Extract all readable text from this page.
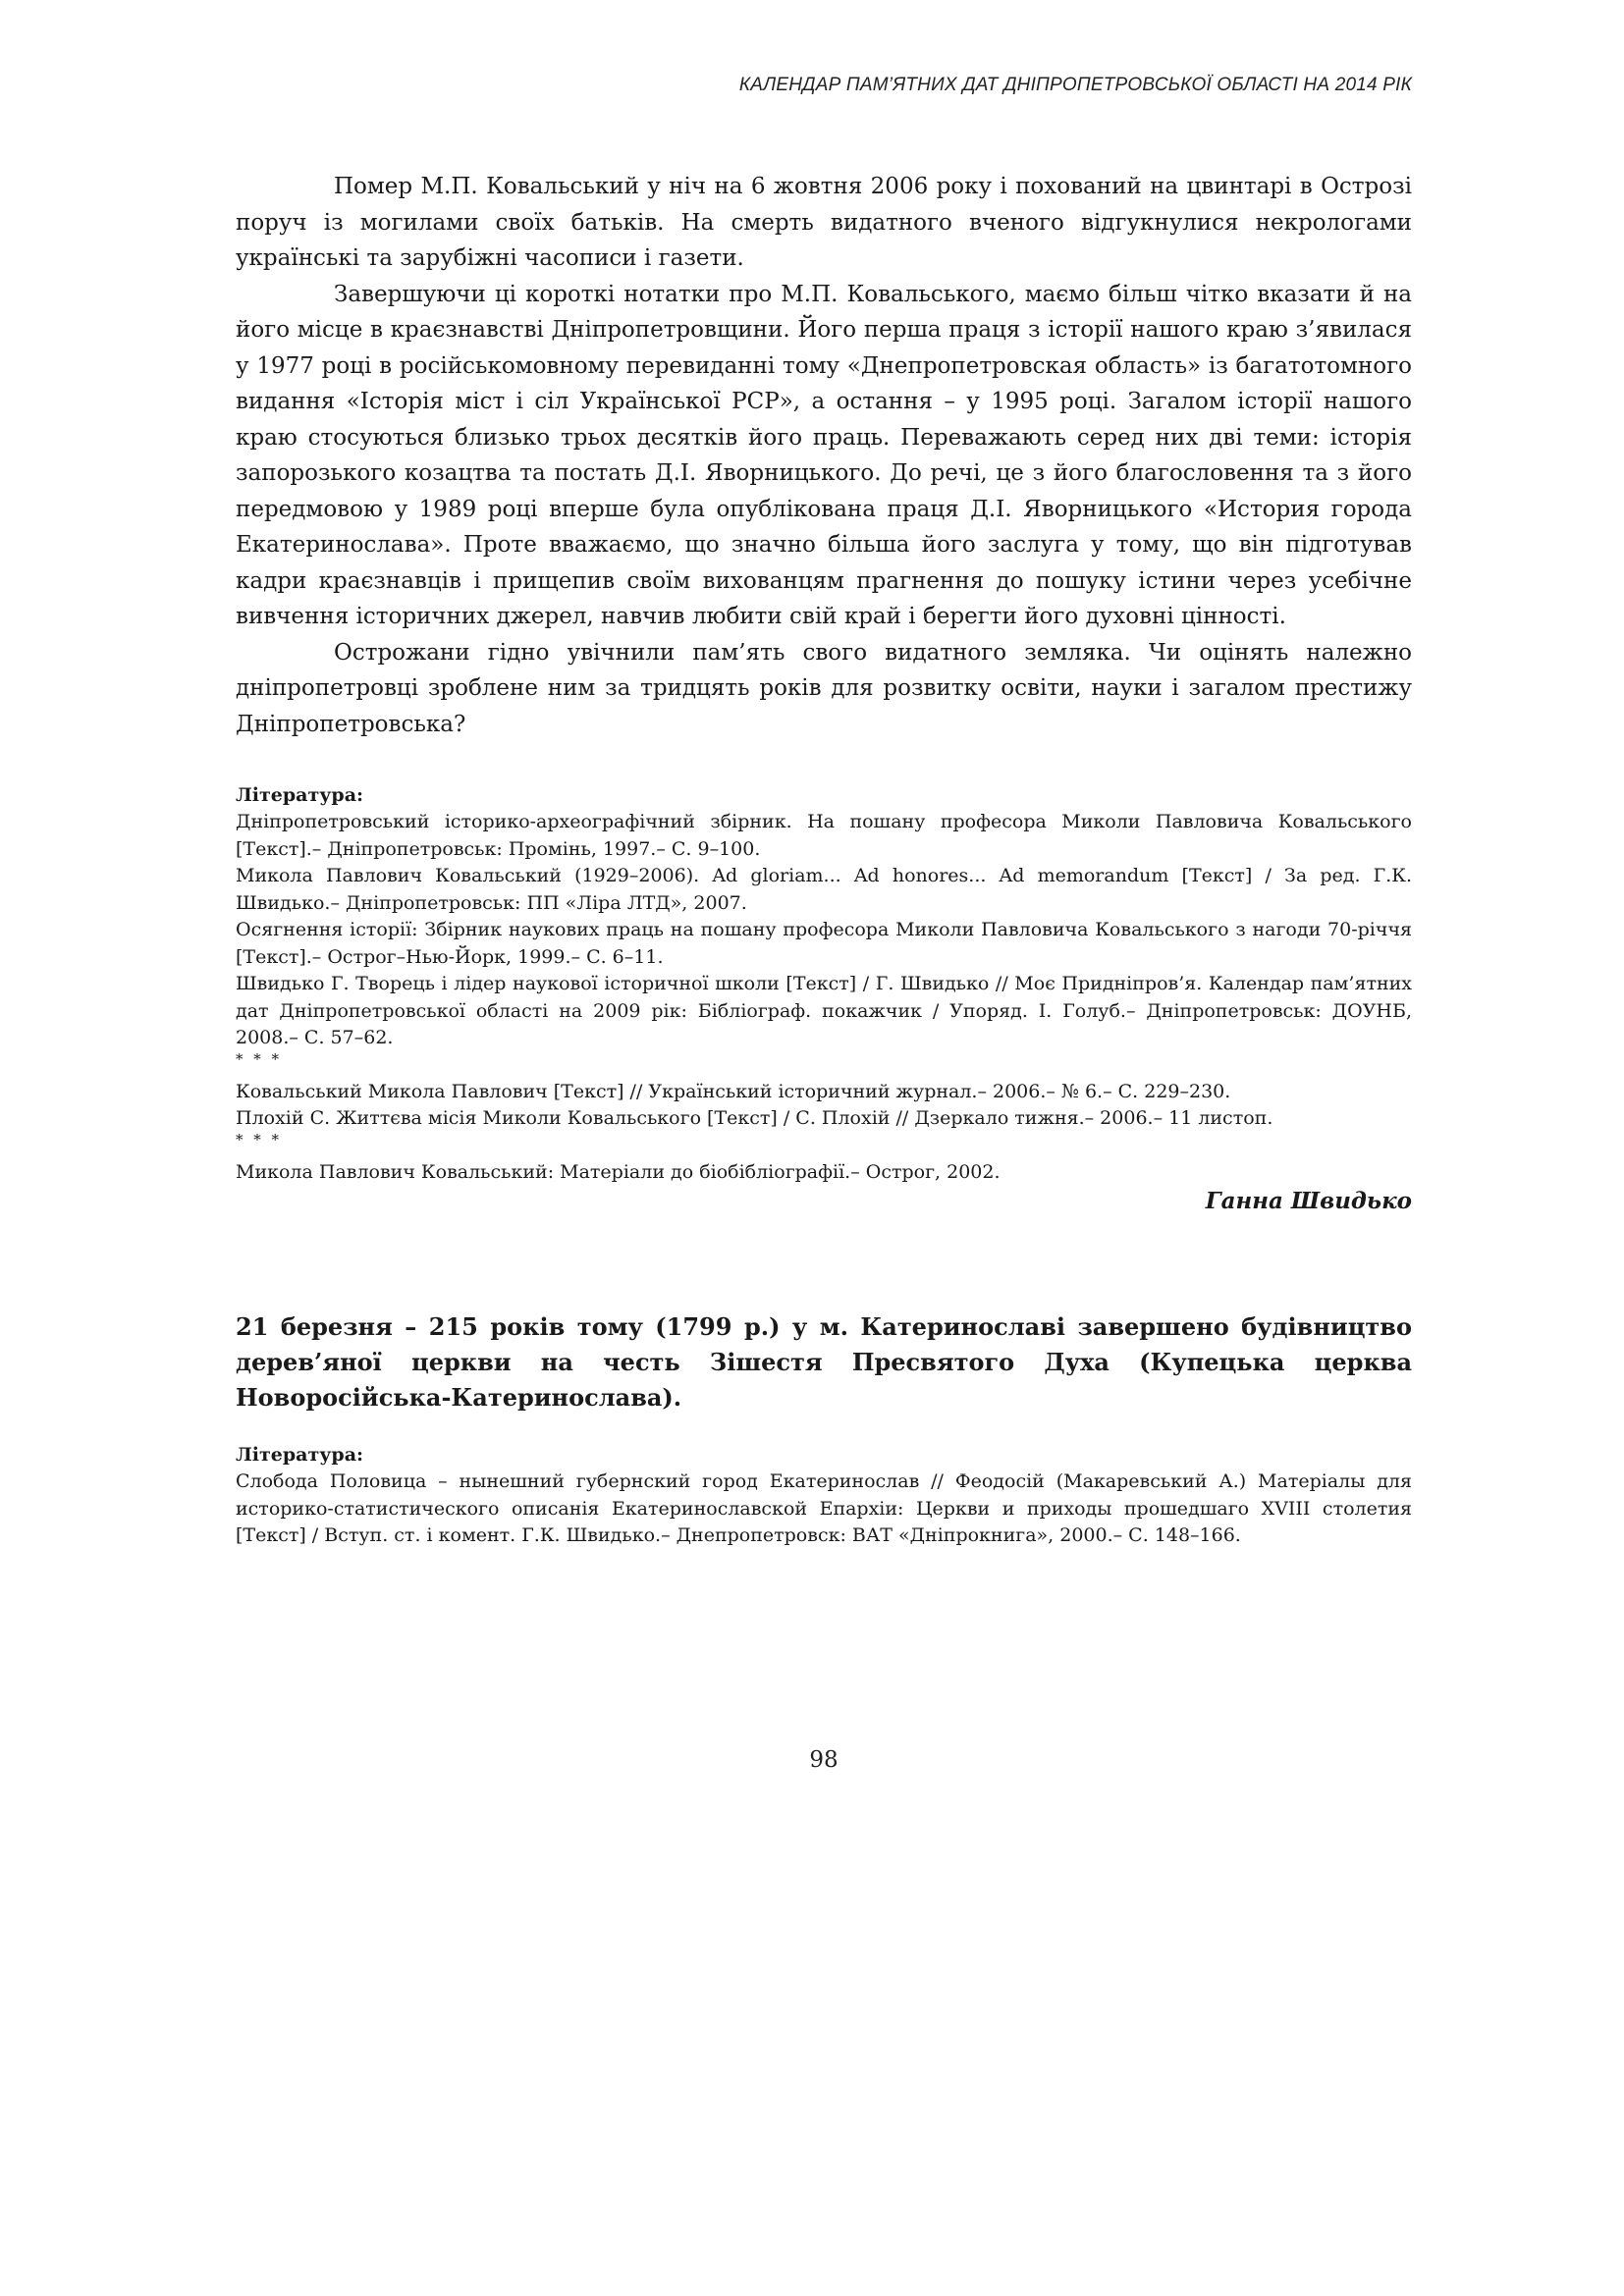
КАЛЕНДАР ПАМ’ЯТНИХ ДАТ ДНІПРОПЕТРОВСЬКОЇ ОБЛАСТІ НА 2014 РІК

Помер М.П. Ковальський у ніч на 6 жовтня 2006 року і похований на цвинтарі в Острозі поруч із могилами своїх батьків. На смерть видатного вченого відгукнулися некрологами українські та зарубіжні часописи і газети.

Завершуючи ці короткі нотатки про М.П. Ковальського, маємо більш чітко вказати й на його місце в краєзнавстві Дніпропетровщини. Його перша праця з історії нашого краю з’явилася у 1977 році в російськомовному перевиданні тому «Днепропетровская область» із багатотомного видання «Історія міст і сіл Української РСР», а остання – у 1995 році. Загалом історії нашого краю стосуються близько трьох десятків його праць. Переважають серед них дві теми: історія запорозького козацтва та постать Д.І. Яворницького. До речі, це з його благословення та з його передмовою у 1989 році вперше була опублікована праця Д.І. Яворницького «История города Екатеринослава». Проте вважаємо, що значно більша його заслуга у тому, що він підготував кадри краєзнавців і прищепив своїм вихованцям прагнення до пошуку істини через усебічне вивчення історичних джерел, навчив любити свій край і берегти його духовні цінності.

Острожани гідно увічнили пам’ять свого видатного земляка. Чи оцінять належно дніпропетровці зроблене ним за тридцять років для розвитку освіти, науки і загалом престижу Дніпропетровська?

Література:

Дніпропетровський історико-археографічний збірник. На пошану професора Миколи Павловича Ковальського [Текст].– Дніпропетровськ: Промінь, 1997.– С. 9–100.

Микола Павлович Ковальський (1929–2006). Ad gloriam... Ad honores... Ad memorandum [Текст] / За ред. Г.К. Швидько.– Дніпропетровськ: ПП «Ліра ЛТД», 2007.

Осягнення історії: Збірник наукових праць на пошану професора Миколи Павловича Ковальського з нагоди 70-річчя [Текст].– Острог–Нью-Йорк, 1999.– С. 6–11.

Швидько Г. Творець і лідер наукової історичної школи [Текст] / Г. Швидько // Моє Придніпров’я. Календар пам’ятних дат Дніпропетровської області на 2009 рік: Бібліограф. покажчик / Упоряд. І. Голуб.– Дніпропетровськ: ДОУНБ, 2008.– С. 57–62.

* * *

Ковальський Микола Павлович [Текст] // Український історичний журнал.– 2006.– № 6.– С. 229–230.

Плохій С. Життєва місія Миколи Ковальського [Текст] / С. Плохій // Дзеркало тижня.– 2006.– 11 листоп.

* * *

Микола Павлович Ковальський: Матеріали до біобібліографії.– Острог, 2002.

Ганна Швидько

21 березня – 215 років тому (1799 р.) у м. Катеринославі завершено будівництво дерев’яної церкви на честь Зішестя Пресвятого Духа (Купецька церква Новоросійська-Катеринослава).

Література:

Слобода Половица – нынешний губернский город Екатеринослав // Феодосій (Макаревський А.) Матеріалы для историко-статистического описанія Екатеринославской Епархіи: Церкви и приходы прошедшаго XVIII столетия [Текст] / Вступ. ст. і комент. Г.К. Швидько.– Днепропетровск: ВАТ «Дніпрокнига», 2000.– С. 148–166.

98
